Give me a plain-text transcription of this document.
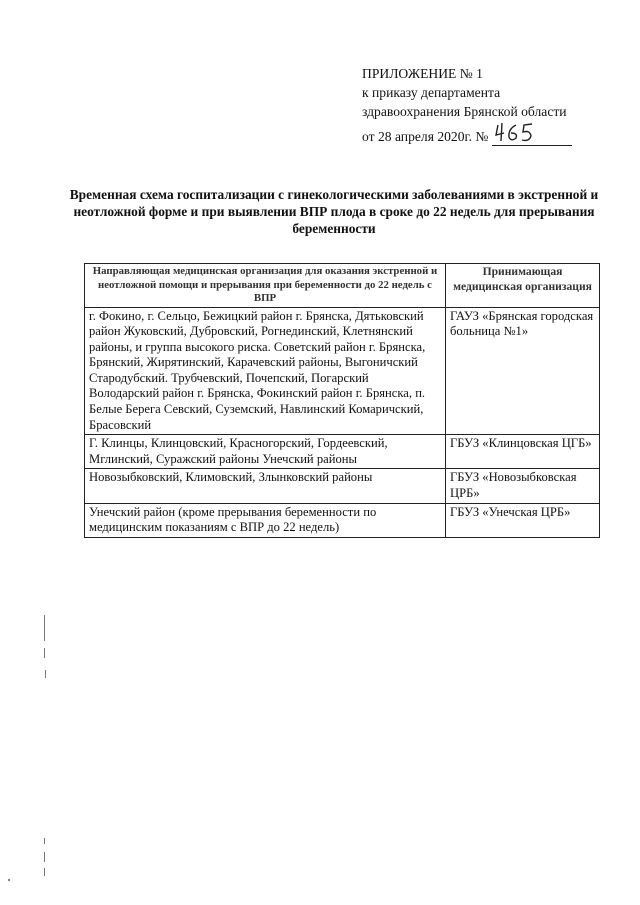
ПРИЛОЖЕНИЕ № 1
к приказу департамента
здравоохранения Брянской области
от 28 апреля 2020г. №
Временная схема госпитализации с гинекологическими заболеваниями в экстренной и неотложной форме и при выявлении ВПР плода в сроке до 22 недель для прерывания беременности
Направляющая медицинская организация для оказания экстренной и неотложной помощи и прерывания при беременности до 22 недель с ВПР	Принимающая медицинская организация
г. Фокино, г. Сельцо, Бежицкий район г. Брянска, Дятьковский район Жуковский, Дубровский, Рогнединский, Клетнянский районы, и группа высокого риска. Советский район г. Брянска, Брянский, Жирятинский, Карачевский районы, Выгоничский Стародубский. Трубчевский, Почепский, Погарский Володарский район г. Брянска, Фокинский район г. Брянска, п. Белые Берега Севский, Суземский, Навлинский Комаричский, Брасовский	ГАУЗ «Брянская городская больница №1»
Г. Клинцы, Клинцовский, Красногорский, Гордеевский, Мглинский, Суражский районы Унечский районы	ГБУЗ «Клинцовская ЦГБ»
Новозыбковский, Климовский, Злынковский районы	ГБУЗ «Новозыбковская ЦРБ»
Унечский район (кроме прерывания беременности по медицинским показаниям с ВПР до 22 недель)	ГБУЗ «Унечская ЦРБ»
